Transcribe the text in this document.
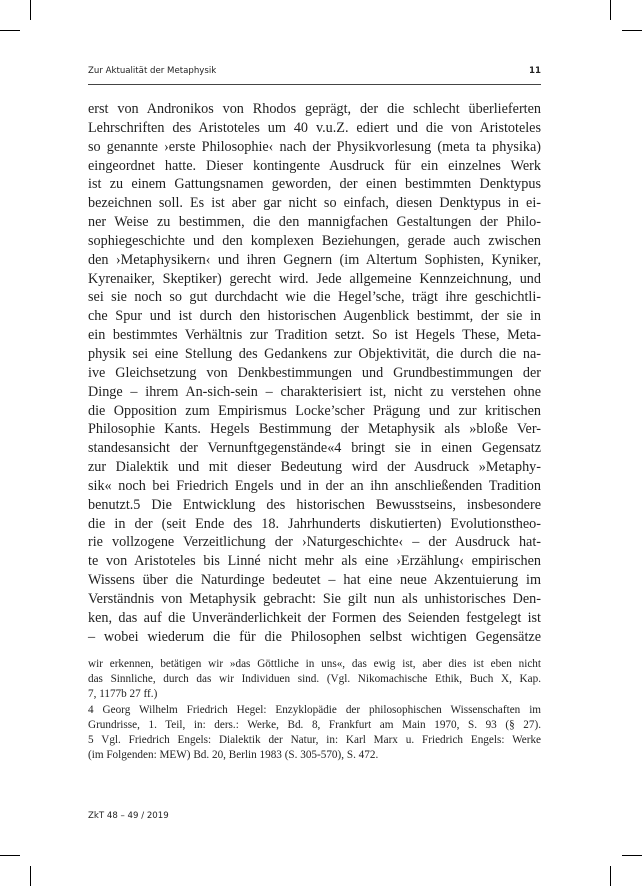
Zur Aktualität der Metaphysik	11
erst von Andronikos von Rhodos geprägt, der die schlecht überlieferten
Lehrschriften des Aristoteles um 40 v.u.Z. ediert und die von Aristoteles
so genannte ›erste Philosophie‹ nach der Physikvorlesung (meta ta physika)
eingeordnet hatte. Dieser kontingente Ausdruck für ein einzelnes Werk
ist zu einem Gattungsnamen geworden, der einen bestimmten Denktypus
bezeichnen soll. Es ist aber gar nicht so einfach, diesen Denktypus in ei-
ner Weise zu bestimmen, die den mannigfachen Gestaltungen der Philo-
sophiegeschichte und den komplexen Beziehungen, gerade auch zwischen
den ›Metaphysikern‹ und ihren Gegnern (im Altertum Sophisten, Kyniker,
Kyrenaiker, Skeptiker) gerecht wird. Jede allgemeine Kennzeichnung, und
sei sie noch so gut durchdacht wie die Hegel’sche, trägt ihre geschichtli-
che Spur und ist durch den historischen Augenblick bestimmt, der sie in
ein bestimmtes Verhältnis zur Tradition setzt. So ist Hegels These, Meta-
physik sei eine Stellung des Gedankens zur Objektivität, die durch die na-
ive Gleichsetzung von Denkbestimmungen und Grundbestimmungen der
Dinge – ihrem An-sich-sein – charakterisiert ist, nicht zu verstehen ohne
die Opposition zum Empirismus Locke’scher Prägung und zur kritischen
Philosophie Kants. Hegels Bestimmung der Metaphysik als »bloße Ver-
standesansicht der Vernunftgegenstände«4 bringt sie in einen Gegensatz
zur Dialektik und mit dieser Bedeutung wird der Ausdruck »Metaphy-
sik« noch bei Friedrich Engels und in der an ihn anschließenden Tradition
benutzt.5 Die Entwicklung des historischen Bewusstseins, insbesondere
die in der (seit Ende des 18. Jahrhunderts diskutierten) Evolutionstheo-
rie vollzogene Verzeitlichung der ›Naturgeschichte‹ – der Ausdruck hat-
te von Aristoteles bis Linné nicht mehr als eine ›Erzählung‹ empirischen
Wissens über die Naturdinge bedeutet – hat eine neue Akzentuierung im
Verständnis von Metaphysik gebracht: Sie gilt nun als unhistorisches Den-
ken, das auf die Unveränderlichkeit der Formen des Seienden festgelegt ist
– wobei wiederum die für die Philosophen selbst wichtigen Gegensätze
wir erkennen, betätigen wir »das Göttliche in uns«, das ewig ist, aber dies ist eben nicht
das Sinnliche, durch das wir Individuen sind. (Vgl. Nikomachische Ethik, Buch X, Kap.
7, 1177b 27 ff.)
4 Georg Wilhelm Friedrich Hegel: Enzyklopädie der philosophischen Wissenschaften im
Grundrisse, 1. Teil, in: ders.: Werke, Bd. 8, Frankfurt am Main 1970, S. 93 (§ 27).
5 Vgl. Friedrich Engels: Dialektik der Natur, in: Karl Marx u. Friedrich Engels: Werke
(im Folgenden: MEW) Bd. 20, Berlin 1983 (S. 305-570), S. 472.
ZkT 48 – 49 / 2019
